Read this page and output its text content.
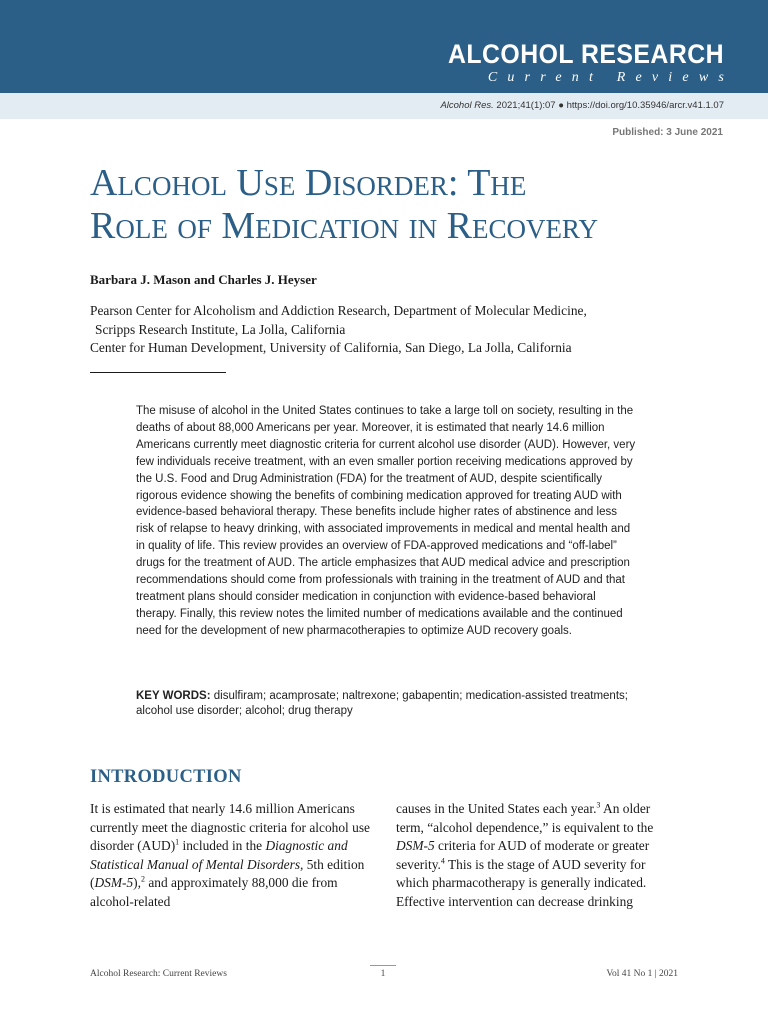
ALCOHOL RESEARCH
Current Reviews
Alcohol Res. 2021;41(1):07 ● https://doi.org/10.35946/arcr.v41.1.07
Published: 3 June 2021
Alcohol Use Disorder: The
Role of Medication in Recovery
Barbara J. Mason and Charles J. Heyser
Pearson Center for Alcoholism and Addiction Research, Department of Molecular Medicine,
Scripps Research Institute, La Jolla, California
Center for Human Development, University of California, San Diego, La Jolla, California

The misuse of alcohol in the United States continues to take a large toll on society, resulting in the deaths of about 88,000 Americans per year. Moreover, it is estimated that nearly 14.6 million Americans currently meet diagnostic criteria for current alcohol use disorder (AUD). However, very few individuals receive treatment, with an even smaller portion receiving medications approved by the U.S. Food and Drug Administration (FDA) for the treatment of AUD, despite scientifically rigorous evidence showing the benefits of combining medication approved for treating AUD with evidence-based behavioral therapy. These benefits include higher rates of abstinence and less risk of relapse to heavy drinking, with associated improvements in medical and mental health and in quality of life. This review provides an overview of FDA-approved medications and “off-label” drugs for the treatment of AUD. The article emphasizes that AUD medical advice and prescription recommendations should come from professionals with training in the treatment of AUD and that treatment plans should consider medication in conjunction with evidence-based behavioral therapy. Finally, this review notes the limited number of medications available and the continued need for the development of new pharmacotherapies to optimize AUD recovery goals.

KEY WORDS: disulfiram; acamprosate; naltrexone; gabapentin; medication-assisted treatments; alcohol use disorder; alcohol; drug therapy
INTRODUCTION
It is estimated that nearly 14.6 million Americans currently meet the diagnostic criteria for alcohol use disorder (AUD)$^1$ included in the Diagnostic and Statistical Manual of Mental Disorders, 5th edition (DSM-5),$^2$ and approximately 88,000 die from alcohol-related
causes in the United States each year.$^3$ An older term, “alcohol dependence,” is equivalent to the DSM-5 criteria for AUD of moderate or greater severity.$^4$ This is the stage of AUD severity for which pharmacotherapy is generally indicated. Effective intervention can decrease drinking
Alcohol Research: Current Reviews	1	Vol 41 No 1 | 2021
